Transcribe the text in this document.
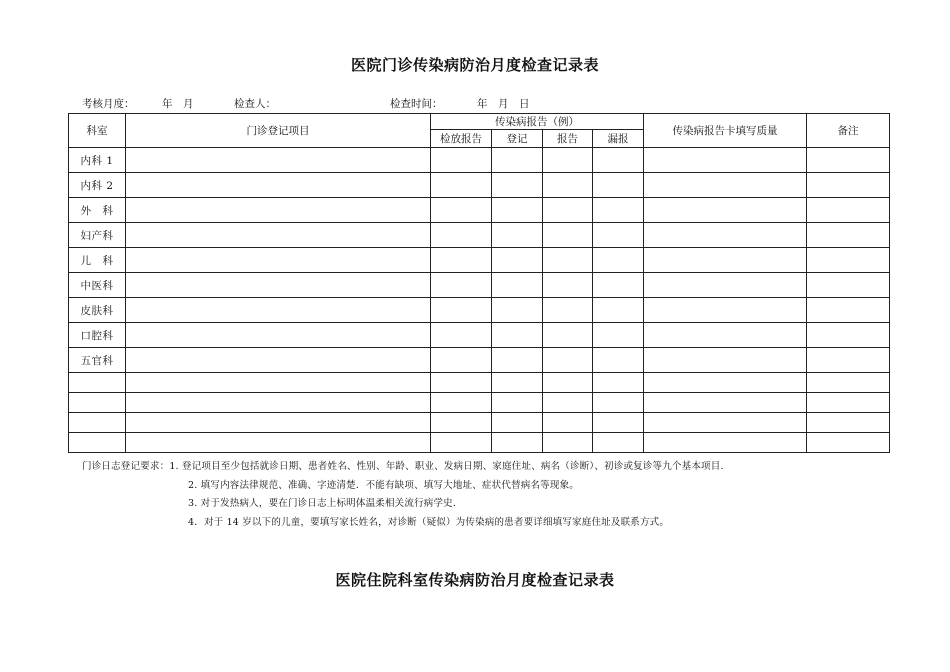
医院门诊传染病防治月度检查记录表
考核月度：	年　月	检查人：	检查时间：	年　月　日
科室	门诊登记项目	传染病报告（例）				传染病报告卡填写质量	备注
		检放报告	登记	报告	漏报		
内科 1							
内科 2							
外　科							
妇产科							
儿　科							
中医科							
皮肤科							
口腔科							
五官科							

门诊日志登记要求：1. 登记项目至少包括就诊日期、患者姓名、性别、年龄、职业、发病日期、家庭住址、病名（诊断）、初诊或复诊等九个基本项目.
2. 填写内容法律规范、准确、字迹清楚．不能有缺项、填写大地址、症状代替病名等现象。
3. 对于发热病人，要在门诊日志上标明体温柔相关流行病学史.
4．对于 14 岁以下的儿童，要填写家长姓名，对诊断（疑似）为传染病的患者要详细填写家庭住址及联系方式。
医院住院科室传染病防治月度检查记录表
